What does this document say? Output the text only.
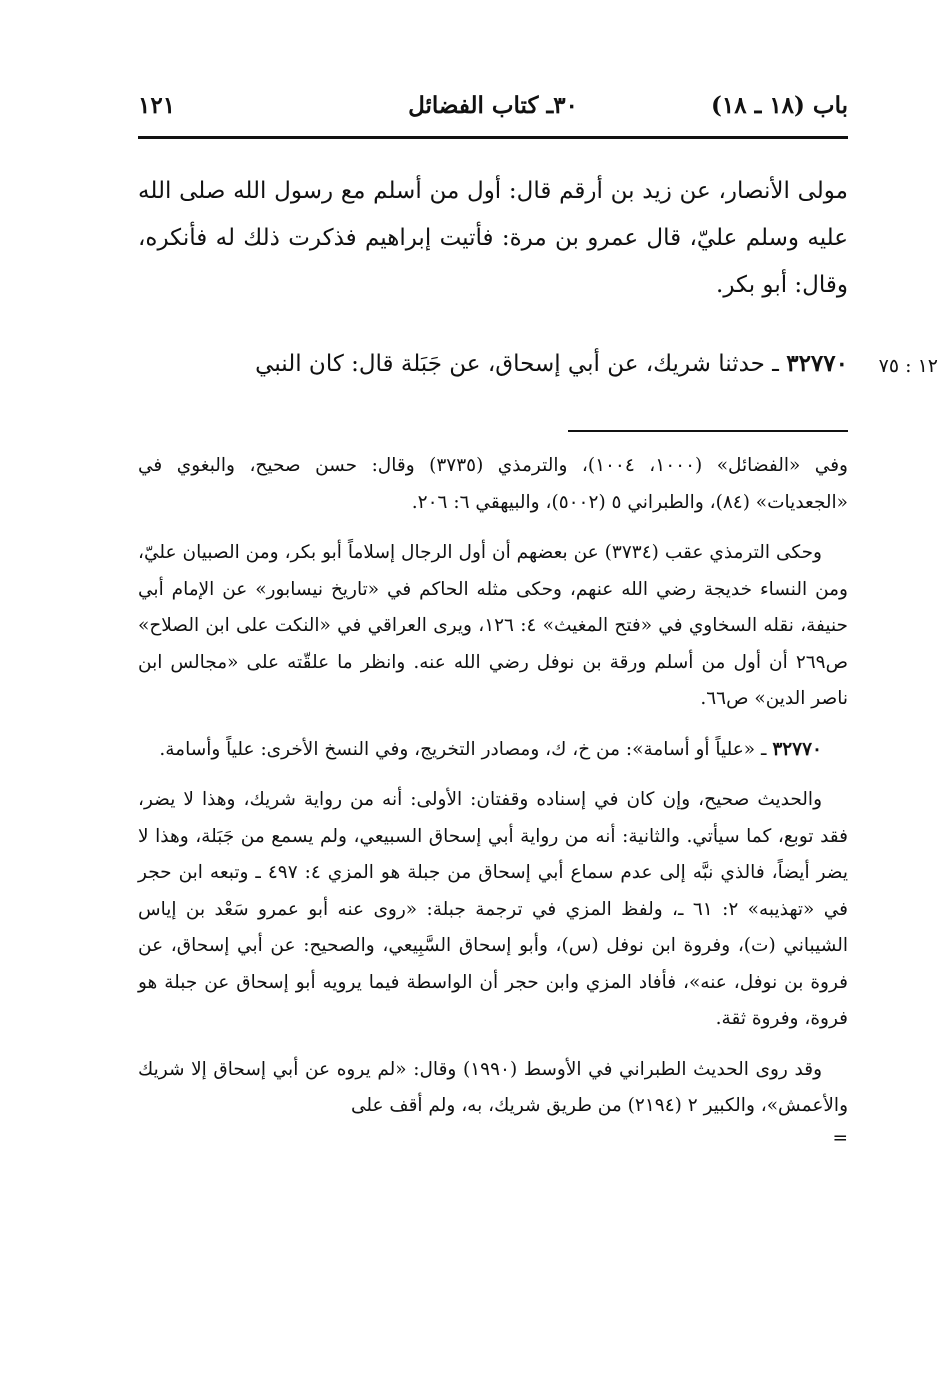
باب (١٨ ـ ١٨)
٣٠ـ كتاب الفضائل
١٢١
مولى الأنصار، عن زيد بن أرقم قال: أول من أسلم مع رسول الله صلى الله عليه وسلم عليّ، قال عمرو بن مرة: فأتيت إبراهيم فذكرت ذلك له فأنكره، وقال: أبو بكر.
١٢ : ٧٥
٣٢٧٧٠ ـ حدثنا شريك، عن أبي إسحاق، عن جَبَلة قال: كان النبي

وفي «الفضائل» (١٠٠٠، ١٠٠٤)، والترمذي (٣٧٣٥) وقال: حسن صحيح، والبغوي في «الجعديات» (٨٤)، والطبراني ٥ (٥٠٠٢)، والبيهقي ٦: ٢٠٦.

وحكى الترمذي عقب (٣٧٣٤) عن بعضهم أن أول الرجال إسلاماً أبو بكر، ومن الصبيان عليّ، ومن النساء خديجة رضي الله عنهم، وحكى مثله الحاكم في «تاريخ نيسابور» عن الإمام أبي حنيفة، نقله السخاوي في «فتح المغيث» ٤: ١٢٦، ويرى العراقي في «النكت على ابن الصلاح» ص٢٦٩ أن أول من أسلم ورقة بن نوفل رضي الله عنه. وانظر ما علقّته على «مجالس ابن ناصر الدين» ص٦٦.

٣٢٧٧٠ ـ «علياً أو أسامة»: من خ، ك، ومصادر التخريج، وفي النسخ الأخرى: علياً وأسامة.

والحديث صحيح، وإن كان في إسناده وقفتان: الأولى: أنه من رواية شريك، وهذا لا يضر، فقد توبع، كما سيأتي. والثانية: أنه من رواية أبي إسحاق السبيعي، ولم يسمع من جَبَلة، وهذا لا يضر أيضاً، فالذي نبَّه إلى عدم سماع أبي إسحاق من جبلة هو المزي ٤: ٤٩٧ ـ وتبعه ابن حجر في «تهذيبه» ٢: ٦١ ـ، ولفظ المزي في ترجمة جبلة: «روى عنه أبو عمرو سَعْد بن إياس الشيباني (ت)، وفروة ابن نوفل (س)، وأبو إسحاق السَّبِيعي، والصحيح: عن أبي إسحاق، عن فروة بن نوفل، عنه»، فأفاد المزي وابن حجر أن الواسطة فيما يرويه أبو إسحاق عن جبلة هو فروة، وفروة ثقة.

وقد روى الحديث الطبراني في الأوسط (١٩٩٠) وقال: «لم يروه عن أبي إسحاق إلا شريك والأعمش»، والكبير ٢ (٢١٩٤) من طريق شريك، به، ولم أقف على

=
